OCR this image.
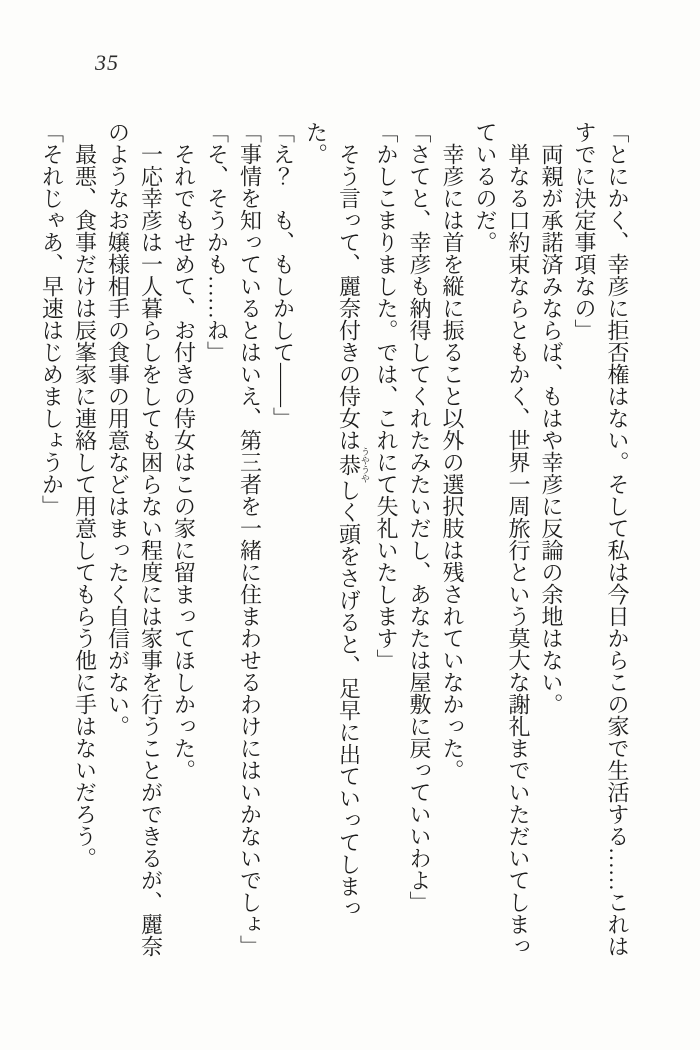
35

「とにかく、幸彦に拒否権はない。そして私は今日からこの家で生活する……これはすでに決定事項なの」

両親が承諾済みならば、もはや幸彦に反論の余地はない。

単なる口約束ならともかく、世界一周旅行という莫大な謝礼までいただいてしまっているのだ。

幸彦には首を縦に振ること以外の選択肢は残されていなかった。

「さてと、幸彦も納得してくれたみたいだし、あなたは屋敷に戻っていいわよ」

「かしこまりました。では、これにて失礼いたします」

そう言って、麗奈付きの侍女は恭うやうやしく頭をさげると、足早に出ていってしまった。

「え？　も、もしかして――」

「事情を知っているとはいえ、第三者を一緒に住まわせるわけにはいかないでしょ」

「そ、そうかも……ね」

それでもせめて、お付きの侍女はこの家に留まってほしかった。

一応幸彦は一人暮らしをしても困らない程度には家事を行うことができるが、麗奈のようなお嬢様相手の食事の用意などはまったく自信がない。

最悪、食事だけは辰峯家に連絡して用意してもらう他に手はないだろう。

「それじゃあ、早速はじめましょうか」
